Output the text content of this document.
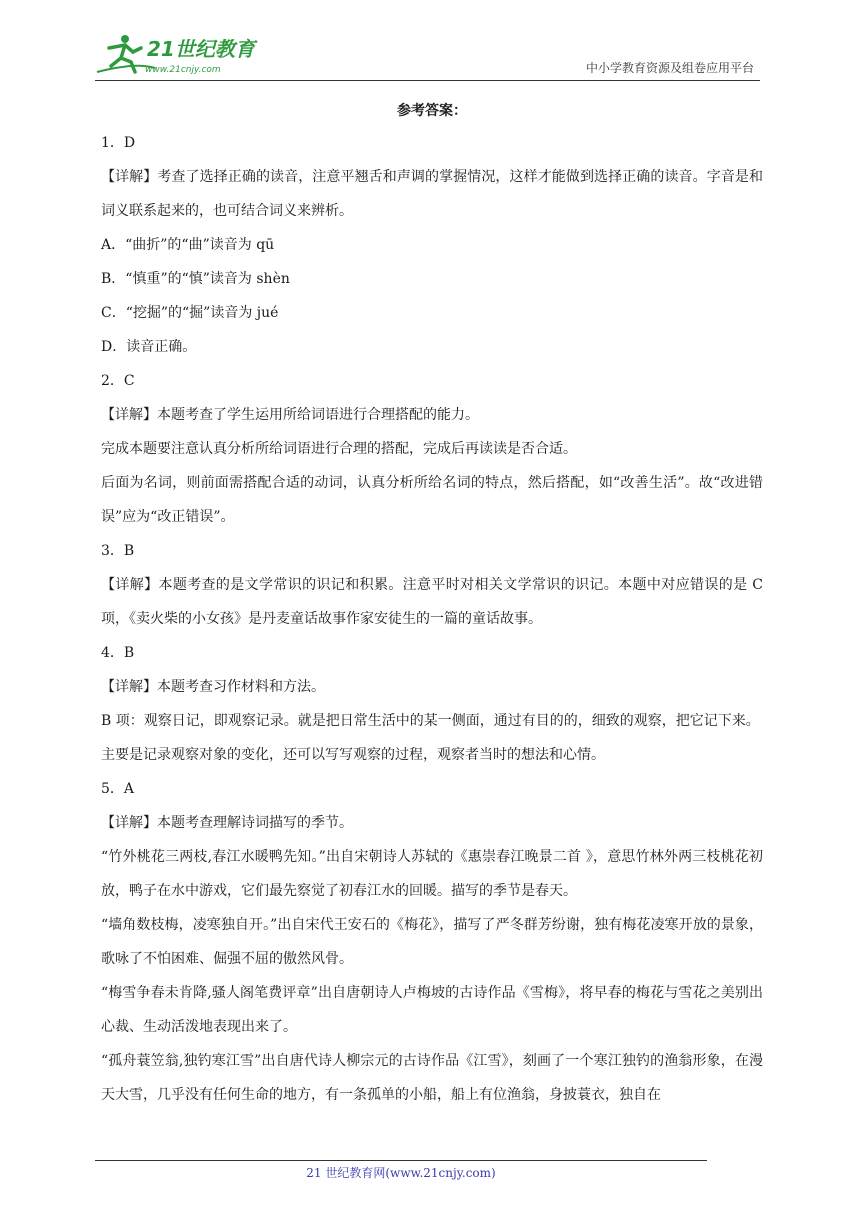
21世纪教育
www.21cnjy.com	中小学教育资源及组卷应用平台
参考答案：
1．D
【详解】考查了选择正确的读音，注意平翘舌和声调的掌握情况，这样才能做到选择正确的读音。字音是和词义联系起来的，也可结合词义来辨析。
A．“曲折”的“曲”读音为 qū
B．“慎重”的“慎”读音为 shèn
C．“挖掘”的“掘”读音为 jué
D．读音正确。
2．C
【详解】本题考查了学生运用所给词语进行合理搭配的能力。
完成本题要注意认真分析所给词语进行合理的搭配，完成后再读读是否合适。
后面为名词，则前面需搭配合适的动词，认真分析所给名词的特点，然后搭配，如“改善生活”。故“改进错误”应为“改正错误”。
3．B
【详解】本题考查的是文学常识的识记和积累。注意平时对相关文学常识的识记。本题中对应错误的是 C 项，《卖火柴的小女孩》是丹麦童话故事作家安徒生的一篇的童话故事。
4．B
【详解】本题考查习作材料和方法。
B 项：观察日记，即观察记录。就是把日常生活中的某一侧面，通过有目的的，细致的观察，把它记下来。
主要是记录观察对象的变化，还可以写写观察的过程，观察者当时的想法和心情。
5．A
【详解】本题考查理解诗词描写的季节。
“竹外桃花三两枝,春江水暖鸭先知。”出自宋朝诗人苏轼的《惠崇春江晚景二首 》，意思竹林外两三枝桃花初放，鸭子在水中游戏，它们最先察觉了初春江水的回暖。描写的季节是春天。
“墙角数枝梅，凌寒独自开。”出自宋代王安石的《梅花》，描写了严冬群芳纷谢，独有梅花凌寒开放的景象，歌咏了不怕困难、倔强不屈的傲然风骨。
“梅雪争春未肯降,骚人阁笔费评章”出自唐朝诗人卢梅坡的古诗作品《雪梅》，将早春的梅花与雪花之美别出心裁、生动活泼地表现出来了。
“孤舟蓑笠翁,独钓寒江雪”出自唐代诗人柳宗元的古诗作品《江雪》，刻画了一个寒江独钓的渔翁形象，在漫天大雪，几乎没有任何生命的地方，有一条孤单的小船，船上有位渔翁，身披蓑衣，独自在
21 世纪教育网(www.21cnjy.com)
